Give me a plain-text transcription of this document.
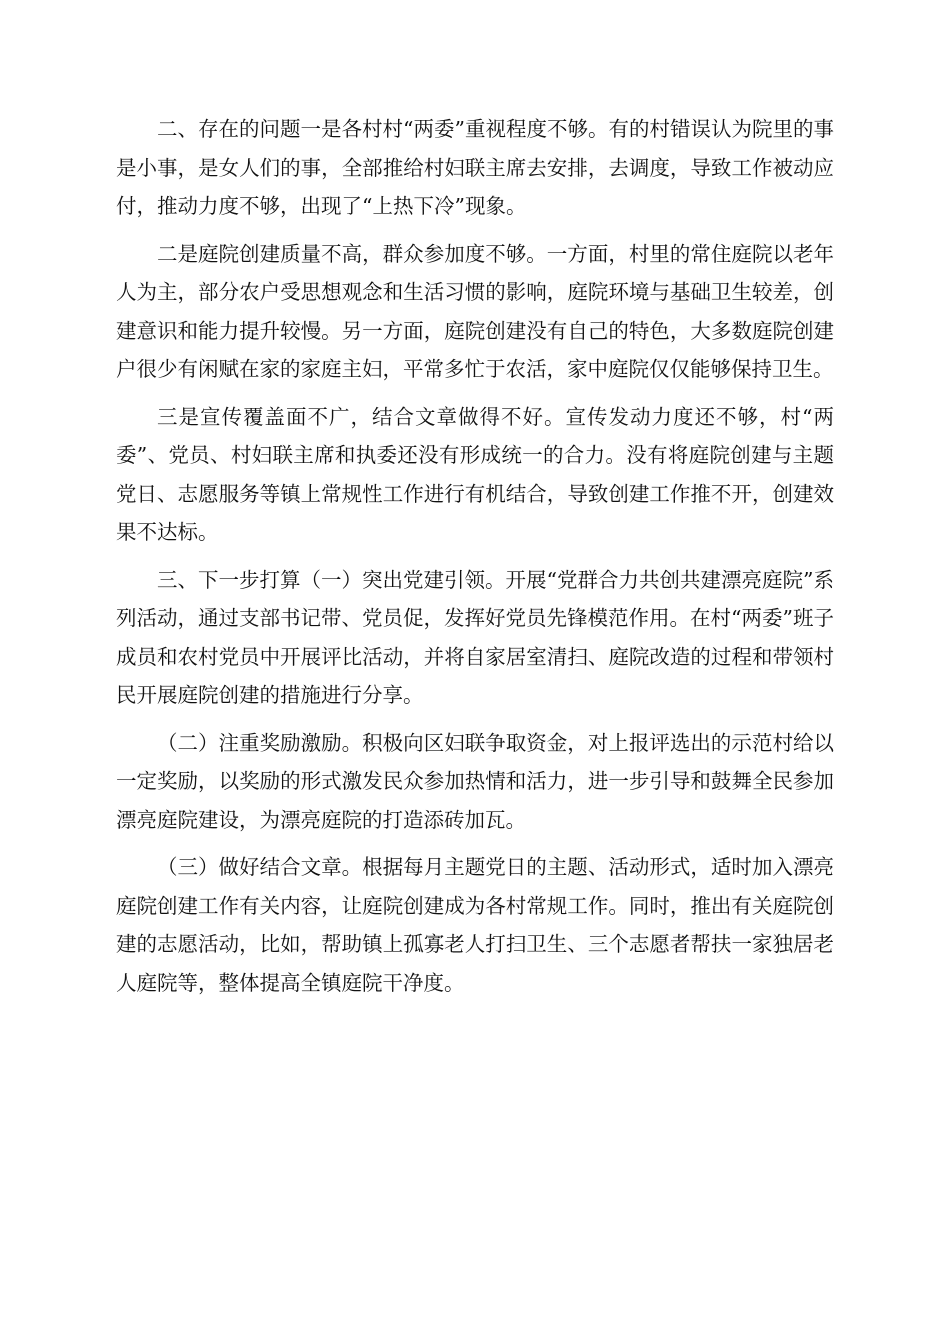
二、存在的问题一是各村村“两委”重视程度不够。有的村错误认为院里的事是小事，是女人们的事，全部推给村妇联主席去安排，去调度，导致工作被动应付，推动力度不够，出现了“上热下冷”现象。

二是庭院创建质量不高，群众参加度不够。一方面，村里的常住庭院以老年人为主，部分农户受思想观念和生活习惯的影响，庭院环境与基础卫生较差，创建意识和能力提升较慢。另一方面，庭院创建没有自己的特色，大多数庭院创建户很少有闲赋在家的家庭主妇，平常多忙于农活，家中庭院仅仅能够保持卫生。

三是宣传覆盖面不广，结合文章做得不好。宣传发动力度还不够，村“两委”、党员、村妇联主席和执委还没有形成统一的合力。没有将庭院创建与主题党日、志愿服务等镇上常规性工作进行有机结合，导致创建工作推不开，创建效果不达标。

三、下一步打算（一）突出党建引领。开展“党群合力共创共建漂亮庭院”系列活动，通过支部书记带、党员促，发挥好党员先锋模范作用。在村“两委”班子成员和农村党员中开展评比活动，并将自家居室清扫、庭院改造的过程和带领村民开展庭院创建的措施进行分享。

（二）注重奖励激励。积极向区妇联争取资金，对上报评选出的示范村给以一定奖励，以奖励的形式激发民众参加热情和活力，进一步引导和鼓舞全民参加漂亮庭院建设，为漂亮庭院的打造添砖加瓦。

（三）做好结合文章。根据每月主题党日的主题、活动形式，适时加入漂亮庭院创建工作有关内容，让庭院创建成为各村常规工作。同时，推出有关庭院创建的志愿活动，比如，帮助镇上孤寡老人打扫卫生、三个志愿者帮扶一家独居老人庭院等，整体提高全镇庭院干净度。
